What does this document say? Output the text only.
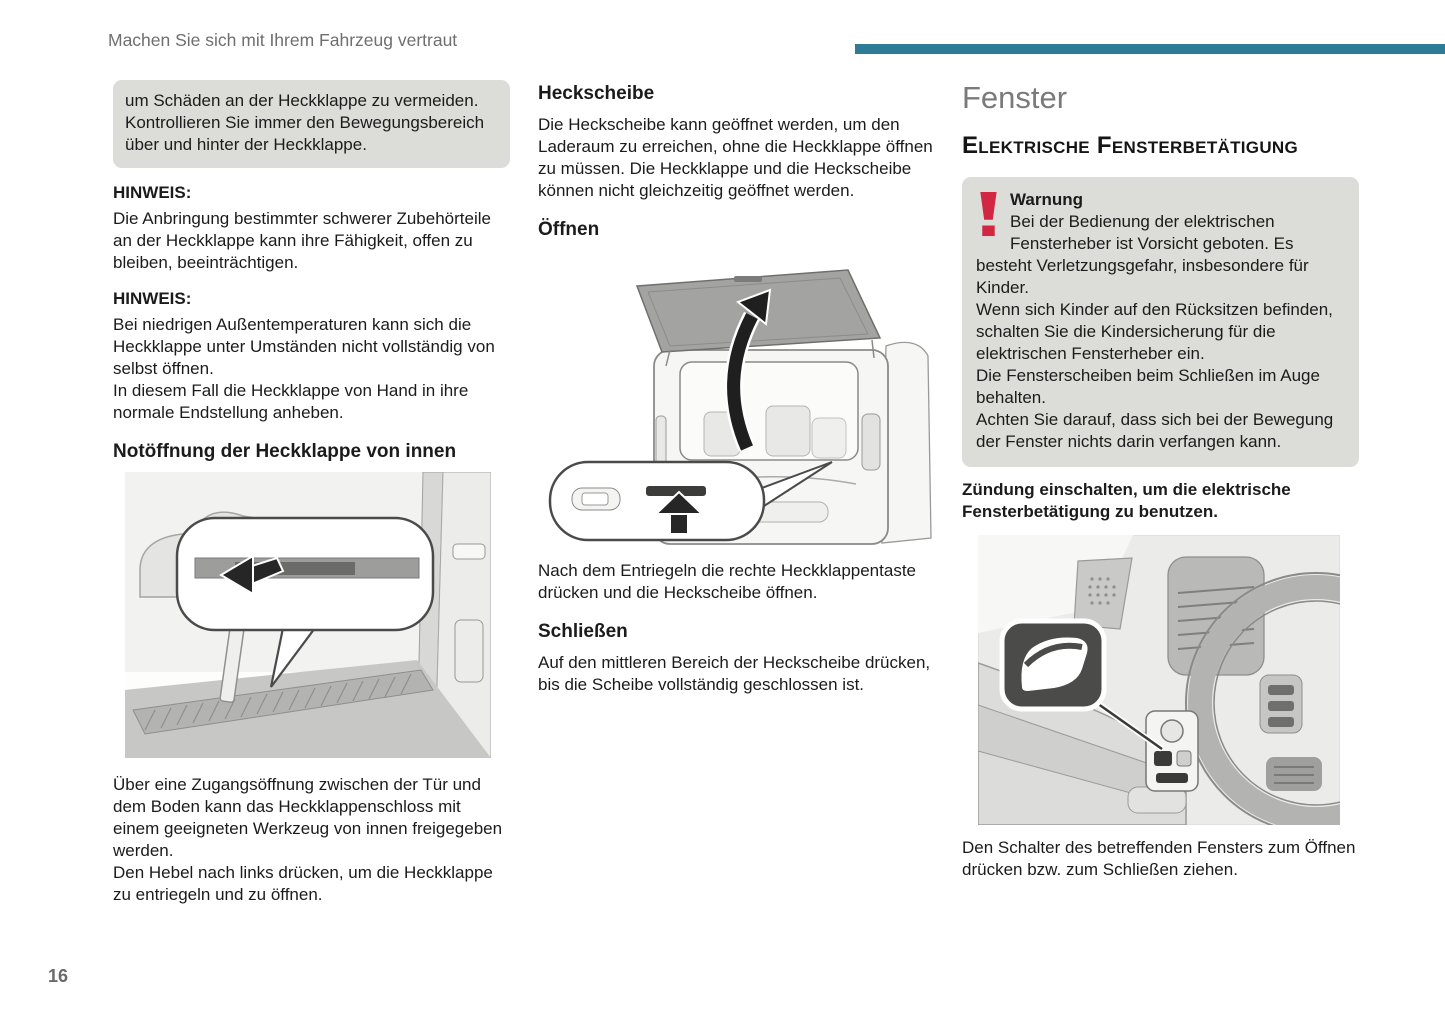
Machen Sie sich mit Ihrem Fahrzeug vertraut
um Schäden an der Heckklappe zu vermeiden. Kontrollieren Sie immer den Bewegungsbereich über und hinter der Heckklappe.
HINWEIS:

Die Anbringung bestimmter schwerer Zubehörteile an der Heckklappe kann ihre Fähigkeit, offen zu bleiben, beeinträchtigen.

HINWEIS:

Bei niedrigen Außentemperaturen kann sich die Heckklappe unter Umständen nicht vollständig von selbst öffnen.
In diesem Fall die Heckklappe von Hand in ihre normale Endstellung anheben.

Notöffnung der Heckklappe von innen

Über eine Zugangsöffnung zwischen der Tür und dem Boden kann das Heckklappenschloss mit einem geeigneten Werkzeug von innen freigegeben werden.
Den Hebel nach links drücken, um die Heckklappe zu entriegeln und zu öffnen.

Heckscheibe

Die Heckscheibe kann geöffnet werden, um den Laderaum zu erreichen, ohne die Heckklappe öffnen zu müssen. Die Heckklappe und die Heckscheibe können nicht gleichzeitig geöffnet werden.

Öffnen

Nach dem Entriegeln die rechte Heckklappentaste drücken und die Heckscheibe öffnen.

Schließen

Auf den mittleren Bereich der Heckscheibe drücken, bis die Scheibe vollständig geschlossen ist.

Fenster
Elektrische Fensterbetätigung

Warnung

Bei der Bedienung der elektrischen Fensterheber ist Vorsicht geboten. Es besteht Verletzungsgefahr, insbesondere für Kinder.

Wenn sich Kinder auf den Rücksitzen befinden, schalten Sie die Kindersicherung für die elektrischen Fensterheber ein.

Die Fensterscheiben beim Schließen im Auge behalten.

Achten Sie darauf, dass sich bei der Bewegung der Fenster nichts darin verfangen kann.

Zündung einschalten, um die elektrische Fensterbetätigung zu benutzen.

Den Schalter des betreffenden Fensters zum Öffnen drücken bzw. zum Schließen ziehen.

16
